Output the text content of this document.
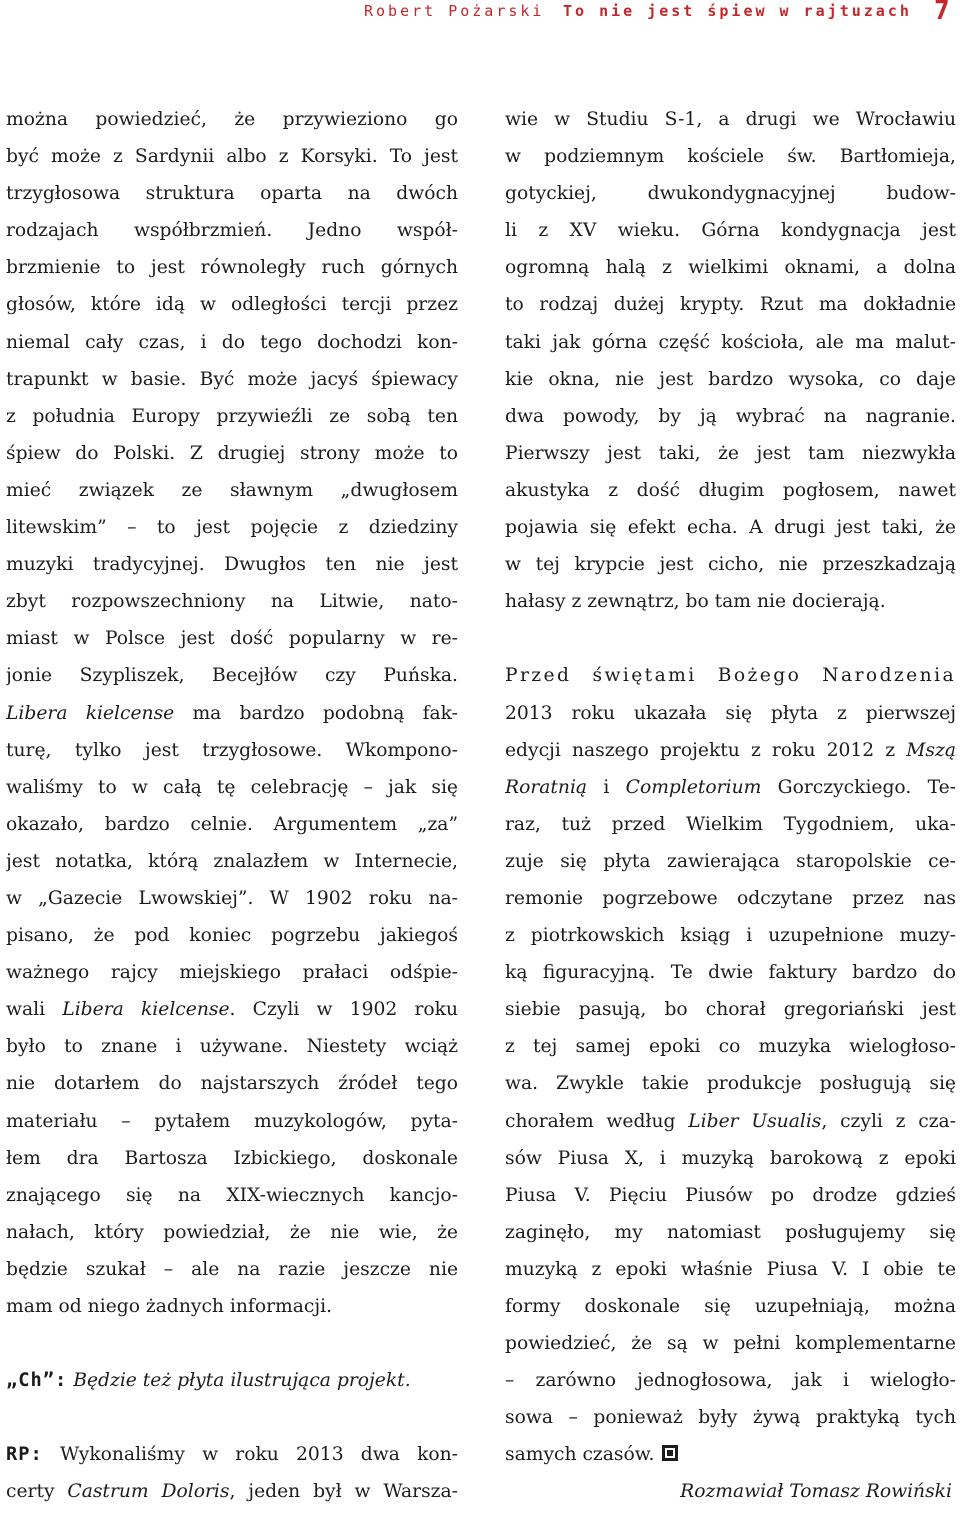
Robert Pożarski To nie jest śpiew w rajtuzach 7
można powiedzieć, że przywieziono go
być może z Sardynii albo z Korsyki. To jest
trzygłosowa struktura oparta na dwóch
rodzajach współbrzmień. Jedno współ-
brzmienie to jest równoległy ruch górnych
głosów, które idą w odległości tercji przez
niemal cały czas, i do tego dochodzi kon-
trapunkt w basie. Być może jacyś śpiewacy
z południa Europy przywieźli ze sobą ten
śpiew do Polski. Z drugiej strony może to
mieć związek ze sławnym „dwugłosem
litewskim” – to jest pojęcie z dziedziny
muzyki tradycyjnej. Dwugłos ten nie jest
zbyt rozpowszechniony na Litwie, nato-
miast w Polsce jest dość popularny w re-
jonie Szypliszek, Becejłów czy Puńska.
Libera kielcense ma bardzo podobną fak-
turę, tylko jest trzygłosowe. Wkompono-
waliśmy to w całą tę celebrację – jak się
okazało, bardzo celnie. Argumentem „za”
jest notatka, którą znalazłem w Internecie,
w „Gazecie Lwowskiej”. W 1902 roku na-
pisano, że pod koniec pogrzebu jakiegoś
ważnego rajcy miejskiego prałaci odśpie-
wali Libera kielcense. Czyli w 1902 roku
było to znane i używane. Niestety wciąż
nie dotarłem do najstarszych źródeł tego
materiału – pytałem muzykologów, pyta-
łem dra Bartosza Izbickiego, doskonale
znającego się na XIX-wiecznych kancjo-
nałach, który powiedział, że nie wie, że
będzie szukał – ale na razie jeszcze nie
mam od niego żadnych informacji.
„Ch”: Będzie też płyta ilustrująca projekt.
RP: Wykonaliśmy w roku 2013 dwa kon-
certy Castrum Doloris, jeden był w Warsza-
wie w Studiu S-1, a drugi we Wrocławiu
w podziemnym kościele św. Bartłomieja,
gotyckiej, dwukondygnacyjnej budow-
li z XV wieku. Górna kondygnacja jest
ogromną halą z wielkimi oknami, a dolna
to rodzaj dużej krypty. Rzut ma dokładnie
taki jak górna część kościoła, ale ma malut-
kie okna, nie jest bardzo wysoka, co daje
dwa powody, by ją wybrać na nagranie.
Pierwszy jest taki, że jest tam niezwykła
akustyka z dość długim pogłosem, nawet
pojawia się efekt echa. A drugi jest taki, że
w tej krypcie jest cicho, nie przeszkadzają
hałasy z zewnątrz, bo tam nie docierają.
Przed świętami Bożego Narodzenia
2013 roku ukazała się płyta z pierwszej
edycji naszego projektu z roku 2012 z Mszą
Roratnią i Completorium Gorczyckiego. Te-
raz, tuż przed Wielkim Tygodniem, uka-
zuje się płyta zawierająca staropolskie ce-
remonie pogrzebowe odczytane przez nas
z piotrkowskich ksiąg i uzupełnione muzy-
ką figuracyjną. Te dwie faktury bardzo do
siebie pasują, bo chorał gregoriański jest
z tej samej epoki co muzyka wielogłoso-
wa. Zwykle takie produkcje posługują się
chorałem według Liber Usualis, czyli z cza-
sów Piusa X, i muzyką barokową z epoki
Piusa V. Pięciu Piusów po drodze gdzieś
zaginęło, my natomiast posługujemy się
muzyką z epoki właśnie Piusa V. I obie te
formy doskonale się uzupełniają, można
powiedzieć, że są w pełni komplementarne
– zarówno jednogłosowa, jak i wielogło-
sowa – ponieważ były żywą praktyką tych
samych czasów.
Rozmawiał Tomasz Rowiński
